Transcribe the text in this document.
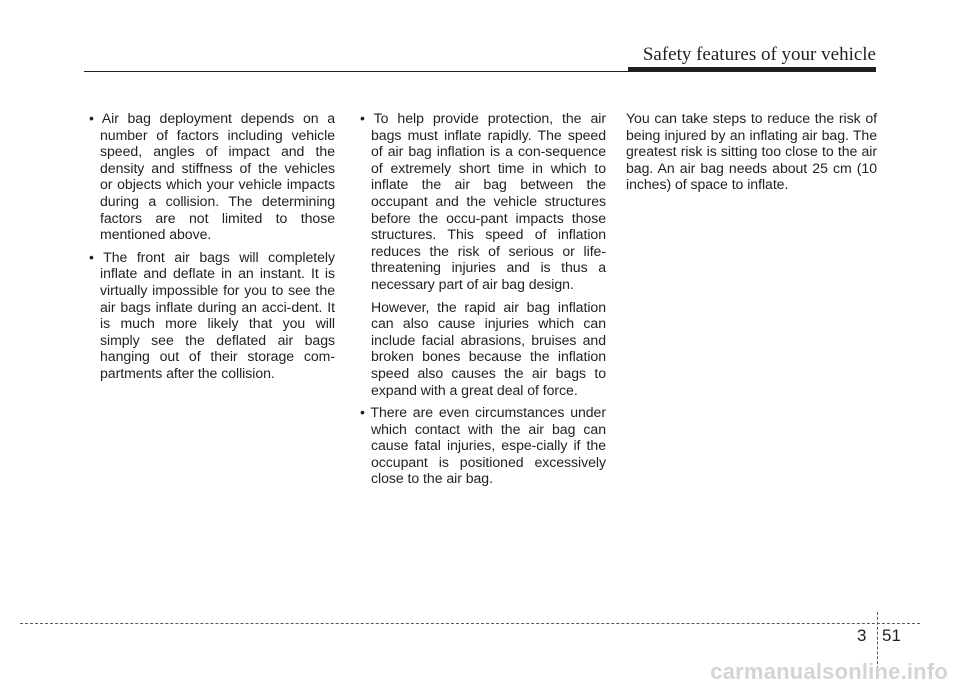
Safety features of your vehicle

• Air bag deployment depends on a number of factors including vehicle speed, angles of impact and the density and stiffness of the vehicles or objects which your vehicle impacts during a collision. The determining factors are not limited to those mentioned above.

• The front air bags will completely inflate and deflate in an instant. It is virtually impossible for you to see the air bags inflate during an acci-dent. It is much more likely that you will simply see the deflated air bags hanging out of their storage com-partments after the collision.

• To help provide protection, the air bags must inflate rapidly. The speed of air bag inflation is a con-sequence of extremely short time in which to inflate the air bag between the occupant and the vehicle structures before the occu-pant impacts those structures. This speed of inflation reduces the risk of serious or life-threatening injuries and is thus a necessary part of air bag design.

However, the rapid air bag inflation can also cause injuries which can include facial abrasions, bruises and broken bones because the inflation speed also causes the air bags to expand with a great deal of force.

• There are even circumstances under which contact with the air bag can cause fatal injuries, espe-cially if the occupant is positioned excessively close to the air bag.

You can take steps to reduce the risk of being injured by an inflating air bag. The greatest risk is sitting too close to the air bag. An air bag needs about 25 cm (10 inches) of space to inflate.

3 51
carmanualsonline.info
